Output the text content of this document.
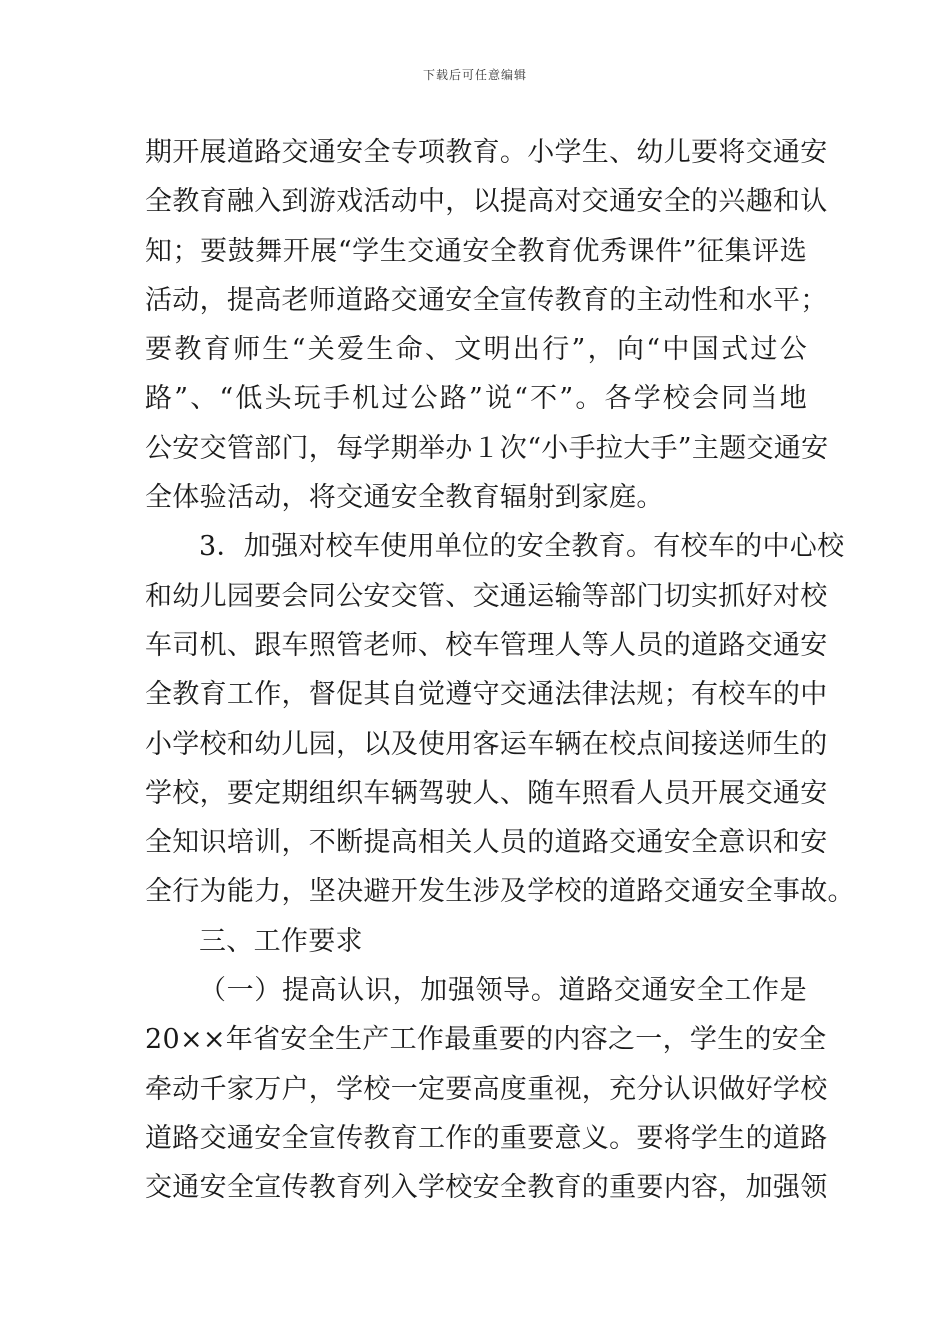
下载后可任意编辑
期开展道路交通安全专项教育。小学生、幼儿要将交通安
全教育融入到游戏活动中，以提高对交通安全的兴趣和认
知；要鼓舞开展“学生交通安全教育优秀课件”征集评选
活动，提高老师道路交通安全宣传教育的主动性和水平；
要教育师生“关爱生命、文明出行”，向“中国式过公
路”、“低头玩手机过公路”说“不”。各学校会同当地
公安交管部门，每学期举办１次“小手拉大手”主题交通安
全体验活动，将交通安全教育辐射到家庭。
3．加强对校车使用单位的安全教育。有校车的中心校
和幼儿园要会同公安交管、交通运输等部门切实抓好对校
车司机、跟车照管老师、校车管理人等人员的道路交通安
全教育工作，督促其自觉遵守交通法律法规；有校车的中
小学校和幼儿园，以及使用客运车辆在校点间接送师生的
学校，要定期组织车辆驾驶人、随车照看人员开展交通安
全知识培训，不断提高相关人员的道路交通安全意识和安
全行为能力，坚决避开发生涉及学校的道路交通安全事故。
三、工作要求
（一）提高认识，加强领导。道路交通安全工作是
20××年省安全生产工作最重要的内容之一，学生的安全
牵动千家万户，学校一定要高度重视，充分认识做好学校
道路交通安全宣传教育工作的重要意义。要将学生的道路
交通安全宣传教育列入学校安全教育的重要内容，加强领
